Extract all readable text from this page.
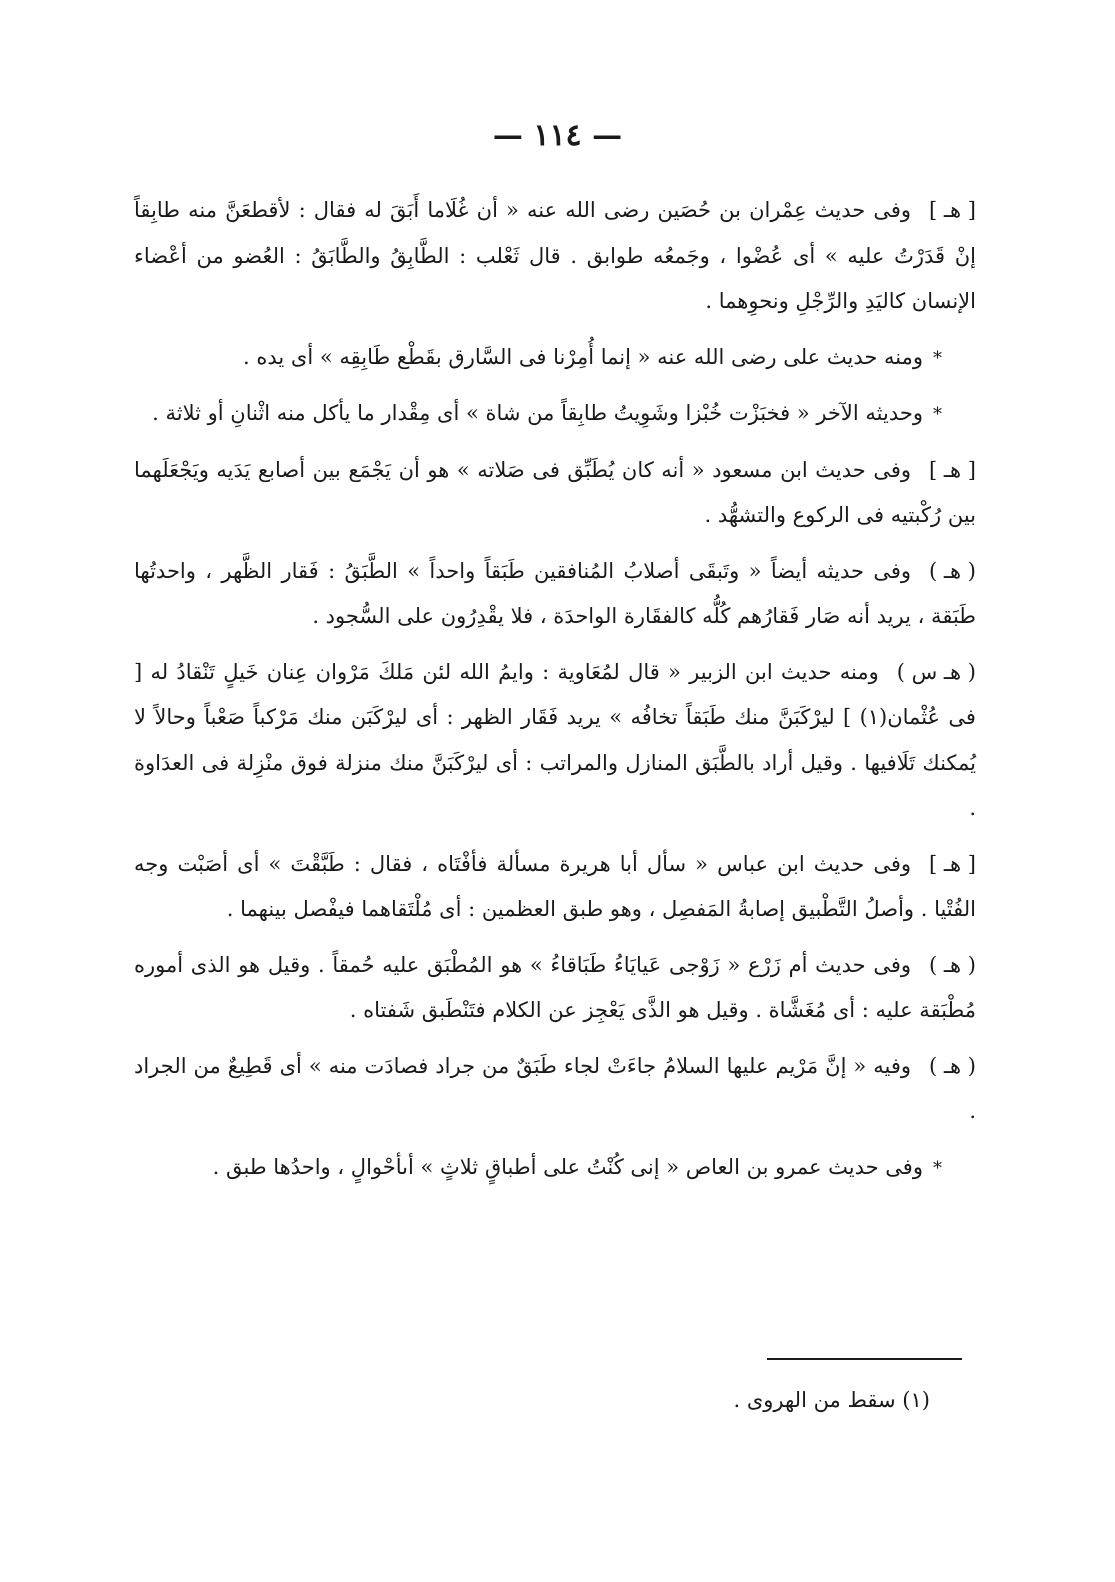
— ١١٤ —

[ هـ ]وفى حديث عِمْران بن حُصَين رضى الله عنه « أن غُلَاما أَبَقَ له فقال : لأقطعَنَّ منه طابِقاً إنْ قَدَرْتُ عليه » أى عُضْوا ، وجَمعُه طوابق . قال ثَعْلب : الطَّابِقُ والطَّابَقُ : العُضو من أعْضاء الإنسان كاليَدِ والرِّجْلِ ونحوِهما .

*ومنه حديث على رضى الله عنه « إنما أُمِرْنا فى السَّارق بقَطْع طَابِقِه » أى يده .

*وحديثه الآخر « فخبَزْت خُبْزا وشَوِيتُ طابِقاً من شاة » أى مِقْدار ما يأكل منه اثْنانِ أو ثلاثة .

[ هـ ]وفى حديث ابن مسعود « أنه كان يُطَبِّق فى صَلاته » هو أن يَجْمَع بين أصابع يَدَيه ويَجْعَلَهما بين رُكْبتيه فى الركوع والتشهُّد .

( هـ )وفى حديثه أيضاً « وتَبقَى أصلابُ المُنافقين طَبَقاً واحداً » الطَّبَقُ : فَقار الظَّهر ، واحدتُها طَبَقة ، يريد أنه صَار فَقارُهم كُلُّه كالفقَارة الواحدَة ، فلا يقْدِرُون على السُّجود .

( هـ س )ومنه حديث ابن الزبير « قال لمُعَاوية : وايمُ الله لئن مَلكَ مَرْوان عِنان خَيلٍ تَنْقادُ له [ فى عُثْمان(١) ] ليرْكَبَنَّ منك طَبَقاً تخافُه » يريد فَقَار الظهر : أى ليرْكَبَن منك مَرْكباً صَعْباً وحالاً لا يُمكنك تَلَافيها . وقيل أراد بالطَّبَق المنازل والمراتب : أى ليرْكَبَنَّ منك منزلة فوق منْزِلة فى العدَاوة .

[ هـ ]وفى حديث ابن عباس « سأل أبا هريرة مسألة فأفْتَاه ، فقال : طَبَّقْتَ » أى أصَبْت وجه الفُتْيا . وأصلُ التَّطْبيق إصابةُ المَفصِل ، وهو طبق العظمين : أى مُلْتَقاهما فيفْصل بينهما .

( هـ )وفى حديث أم زَرْع « زَوْجى عَيايَاءُ طَبَاقاءُ » هو المُطْبَق عليه حُمقاً . وقيل هو الذى أموره مُطْبَقة عليه : أى مُغَشَّاة . وقيل هو الذَّى يَعْجِز عن الكلام فتَنْطَبق شَفتاه .

( هـ )وفيه « إنَّ مَرْيم عليها السلامُ جاءَتْ لجاء طَبَقٌ من جراد فصادَت منه » أى قَطِيعٌ من الجراد .

*وفى حديث عمرو بن العاص « إنى كُنْتُ على أطباقٍ ثلاثٍ » أىأحْوالٍ ، واحدُها طبق .

(١) سقط من الهروى .
